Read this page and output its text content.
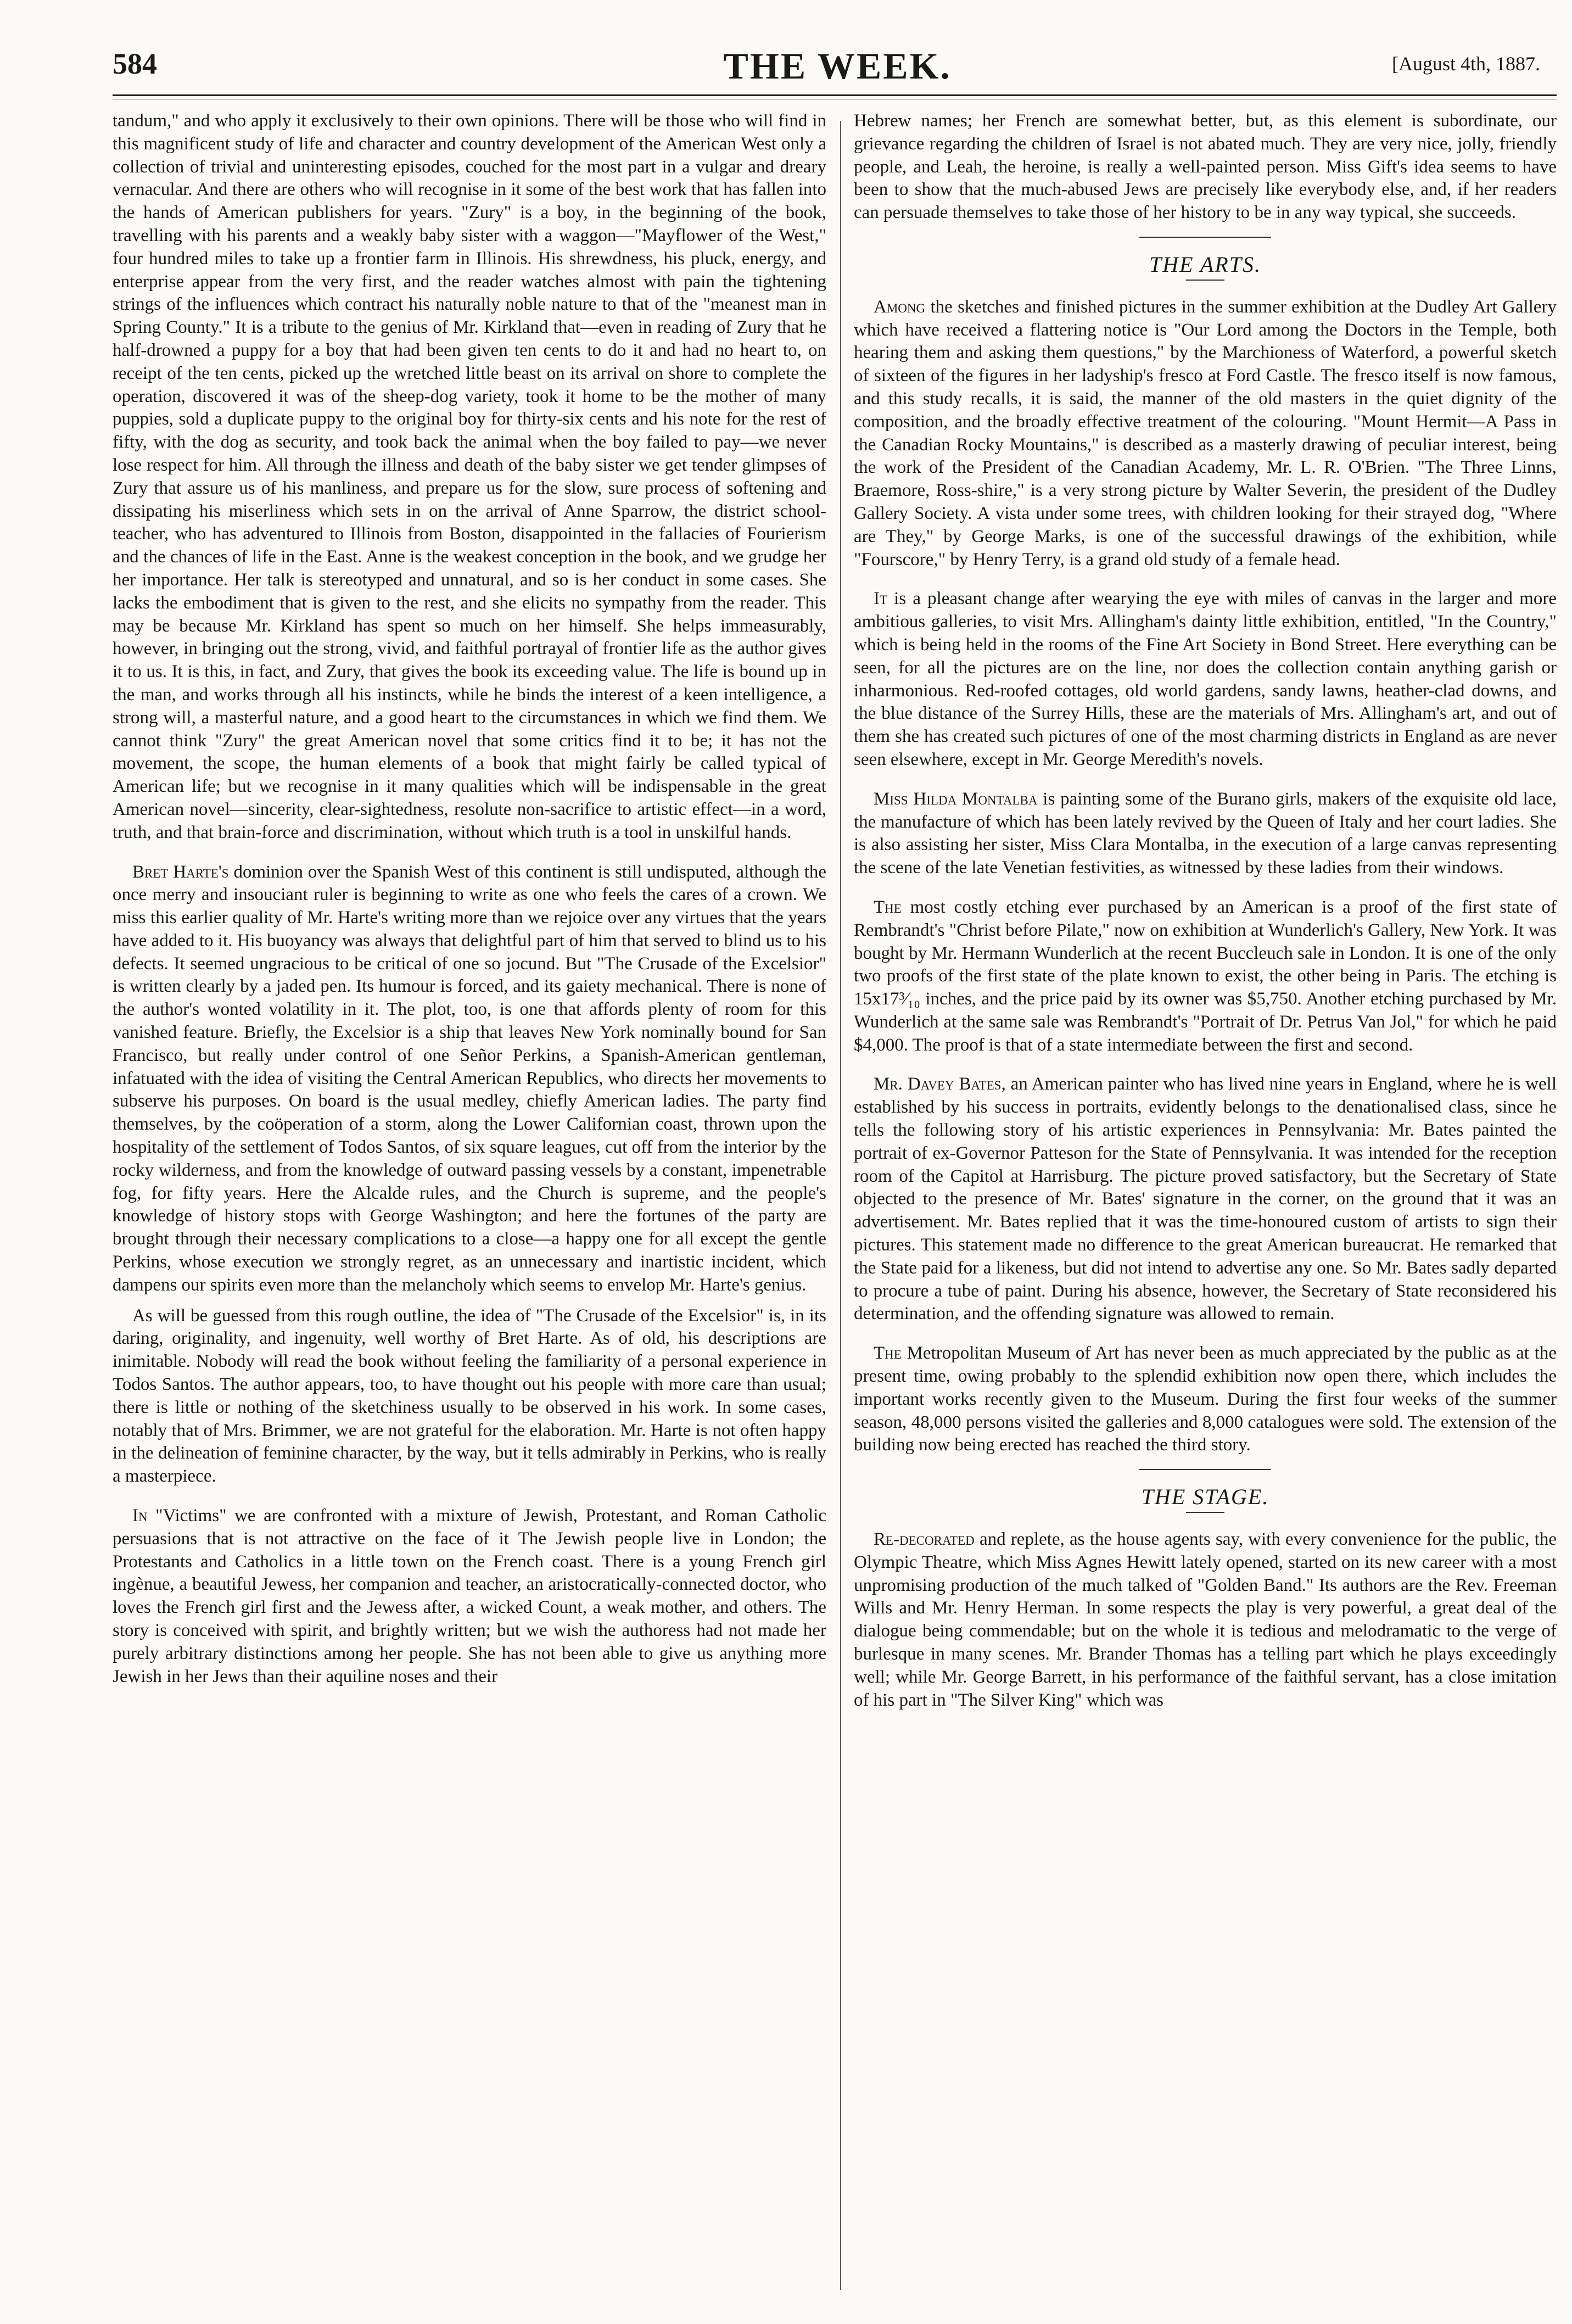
584	THE WEEK.	[August 4th, 1887.

tandum," and who apply it exclusively to their own opinions. There will be those who will find in this magnificent study of life and character and country development of the American West only a collection of trivial and uninteresting episodes, couched for the most part in a vulgar and dreary vernacular. And there are others who will recognise in it some of the best work that has fallen into the hands of American publishers for years. "Zury" is a boy, in the beginning of the book, travelling with his parents and a weakly baby sister with a waggon—"Mayflower of the West," four hundred miles to take up a frontier farm in Illinois. His shrewdness, his pluck, energy, and enterprise appear from the very first, and the reader watches almost with pain the tightening strings of the influences which contract his naturally noble nature to that of the "meanest man in Spring County." It is a tribute to the genius of Mr. Kirkland that—even in reading of Zury that he half-drowned a puppy for a boy that had been given ten cents to do it and had no heart to, on receipt of the ten cents, picked up the wretched little beast on its arrival on shore to complete the operation, discovered it was of the sheep-dog variety, took it home to be the mother of many puppies, sold a duplicate puppy to the original boy for thirty-six cents and his note for the rest of fifty, with the dog as security, and took back the animal when the boy failed to pay—we never lose respect for him. All through the illness and death of the baby sister we get tender glimpses of Zury that assure us of his manliness, and prepare us for the slow, sure process of softening and dissipating his miserliness which sets in on the arrival of Anne Sparrow, the district school-teacher, who has adventured to Illinois from Boston, disappointed in the fallacies of Fourierism and the chances of life in the East. Anne is the weakest conception in the book, and we grudge her her importance. Her talk is stereotyped and unnatural, and so is her conduct in some cases. She lacks the embodiment that is given to the rest, and she elicits no sympathy from the reader. This may be because Mr. Kirkland has spent so much on her himself. She helps immeasurably, however, in bringing out the strong, vivid, and faithful portrayal of frontier life as the author gives it to us. It is this, in fact, and Zury, that gives the book its exceeding value. The life is bound up in the man, and works through all his instincts, while he binds the interest of a keen intelligence, a strong will, a masterful nature, and a good heart to the circumstances in which we find them. We cannot think "Zury" the great American novel that some critics find it to be; it has not the movement, the scope, the human elements of a book that might fairly be called typical of American life; but we recognise in it many qualities which will be indispensable in the great American novel—sincerity, clear-sightedness, resolute non-sacrifice to artistic effect—in a word, truth, and that brain-force and discrimination, without which truth is a tool in unskilful hands.

Bret Harte's dominion over the Spanish West of this continent is still undisputed, although the once merry and insouciant ruler is beginning to write as one who feels the cares of a crown. We miss this earlier quality of Mr. Harte's writing more than we rejoice over any virtues that the years have added to it. His buoyancy was always that delightful part of him that served to blind us to his defects. It seemed ungracious to be critical of one so jocund. But "The Crusade of the Excelsior" is written clearly by a jaded pen. Its humour is forced, and its gaiety mechanical. There is none of the author's wonted volatility in it. The plot, too, is one that affords plenty of room for this vanished feature. Briefly, the Excelsior is a ship that leaves New York nominally bound for San Francisco, but really under control of one Señor Perkins, a Spanish-American gentleman, infatuated with the idea of visiting the Central American Republics, who directs her movements to subserve his purposes. On board is the usual medley, chiefly American ladies. The party find themselves, by the coöperation of a storm, along the Lower Californian coast, thrown upon the hospitality of the settlement of Todos Santos, of six square leagues, cut off from the interior by the rocky wilderness, and from the knowledge of outward passing vessels by a constant, impenetrable fog, for fifty years. Here the Alcalde rules, and the Church is supreme, and the people's knowledge of history stops with George Washington; and here the fortunes of the party are brought through their necessary complications to a close—a happy one for all except the gentle Perkins, whose execution we strongly regret, as an unnecessary and inartistic incident, which dampens our spirits even more than the melancholy which seems to envelop Mr. Harte's genius.

As will be guessed from this rough outline, the idea of "The Crusade of the Excelsior" is, in its daring, originality, and ingenuity, well worthy of Bret Harte. As of old, his descriptions are inimitable. Nobody will read the book without feeling the familiarity of a personal experience in Todos Santos. The author appears, too, to have thought out his people with more care than usual; there is little or nothing of the sketchiness usually to be observed in his work. In some cases, notably that of Mrs. Brimmer, we are not grateful for the elaboration. Mr. Harte is not often happy in the delineation of feminine character, by the way, but it tells admirably in Perkins, who is really a masterpiece.

In "Victims" we are confronted with a mixture of Jewish, Protestant, and Roman Catholic persuasions that is not attractive on the face of it The Jewish people live in London; the Protestants and Catholics in a little town on the French coast. There is a young French girl ingènue, a beautiful Jewess, her companion and teacher, an aristocratically-connected doctor, who loves the French girl first and the Jewess after, a wicked Count, a weak mother, and others. The story is conceived with spirit, and brightly written; but we wish the authoress had not made her purely arbitrary distinctions among her people. She has not been able to give us anything more Jewish in her Jews than their aquiline noses and their

Hebrew names; her French are somewhat better, but, as this element is subordinate, our grievance regarding the children of Israel is not abated much. They are very nice, jolly, friendly people, and Leah, the heroine, is really a well-painted person. Miss Gift's idea seems to have been to show that the much-abused Jews are precisely like everybody else, and, if her readers can persuade themselves to take those of her history to be in any way typical, she succeeds.

THE ARTS.

Among the sketches and finished pictures in the summer exhibition at the Dudley Art Gallery which have received a flattering notice is "Our Lord among the Doctors in the Temple, both hearing them and asking them questions," by the Marchioness of Waterford, a powerful sketch of sixteen of the figures in her ladyship's fresco at Ford Castle. The fresco itself is now famous, and this study recalls, it is said, the manner of the old masters in the quiet dignity of the composition, and the broadly effective treatment of the colouring. "Mount Hermit—A Pass in the Canadian Rocky Mountains," is described as a masterly drawing of peculiar interest, being the work of the President of the Canadian Academy, Mr. L. R. O'Brien. "The Three Linns, Braemore, Ross-shire," is a very strong picture by Walter Severin, the president of the Dudley Gallery Society. A vista under some trees, with children looking for their strayed dog, "Where are They," by George Marks, is one of the successful drawings of the exhibition, while "Fourscore," by Henry Terry, is a grand old study of a female head.

It is a pleasant change after wearying the eye with miles of canvas in the larger and more ambitious galleries, to visit Mrs. Allingham's dainty little exhibition, entitled, "In the Country," which is being held in the rooms of the Fine Art Society in Bond Street. Here everything can be seen, for all the pictures are on the line, nor does the collection contain anything garish or inharmonious. Red-roofed cottages, old world gardens, sandy lawns, heather-clad downs, and the blue distance of the Surrey Hills, these are the materials of Mrs. Allingham's art, and out of them she has created such pictures of one of the most charming districts in England as are never seen elsewhere, except in Mr. George Meredith's novels.

Miss Hilda Montalba is painting some of the Burano girls, makers of the exquisite old lace, the manufacture of which has been lately revived by the Queen of Italy and her court ladies. She is also assisting her sister, Miss Clara Montalba, in the execution of a large canvas representing the scene of the late Venetian festivities, as witnessed by these ladies from their windows.

The most costly etching ever purchased by an American is a proof of the first state of Rembrandt's "Christ before Pilate," now on exhibition at Wunderlich's Gallery, New York. It was bought by Mr. Hermann Wunderlich at the recent Buccleuch sale in London. It is one of the only two proofs of the first state of the plate known to exist, the other being in Paris. The etching is 15x17³⁄₁₀ inches, and the price paid by its owner was $5,750. Another etching purchased by Mr. Wunderlich at the same sale was Rembrandt's "Portrait of Dr. Petrus Van Jol," for which he paid $4,000. The proof is that of a state intermediate between the first and second.

Mr. Davey Bates, an American painter who has lived nine years in England, where he is well established by his success in portraits, evidently belongs to the denationalised class, since he tells the following story of his artistic experiences in Pennsylvania: Mr. Bates painted the portrait of ex-Governor Patteson for the State of Pennsylvania. It was intended for the reception room of the Capitol at Harrisburg. The picture proved satisfactory, but the Secretary of State objected to the presence of Mr. Bates' signature in the corner, on the ground that it was an advertisement. Mr. Bates replied that it was the time-honoured custom of artists to sign their pictures. This statement made no difference to the great American bureaucrat. He remarked that the State paid for a likeness, but did not intend to advertise any one. So Mr. Bates sadly departed to procure a tube of paint. During his absence, however, the Secretary of State reconsidered his determination, and the offending signature was allowed to remain.

The Metropolitan Museum of Art has never been as much appreciated by the public as at the present time, owing probably to the splendid exhibition now open there, which includes the important works recently given to the Museum. During the first four weeks of the summer season, 48,000 persons visited the galleries and 8,000 catalogues were sold. The extension of the building now being erected has reached the third story.

THE STAGE.

Re-decorated and replete, as the house agents say, with every convenience for the public, the Olympic Theatre, which Miss Agnes Hewitt lately opened, started on its new career with a most unpromising production of the much talked of "Golden Band." Its authors are the Rev. Freeman Wills and Mr. Henry Herman. In some respects the play is very powerful, a great deal of the dialogue being commendable; but on the whole it is tedious and melodramatic to the verge of burlesque in many scenes. Mr. Brander Thomas has a telling part which he plays exceedingly well; while Mr. George Barrett, in his performance of the faithful servant, has a close imitation of his part in "The Silver King" which was
